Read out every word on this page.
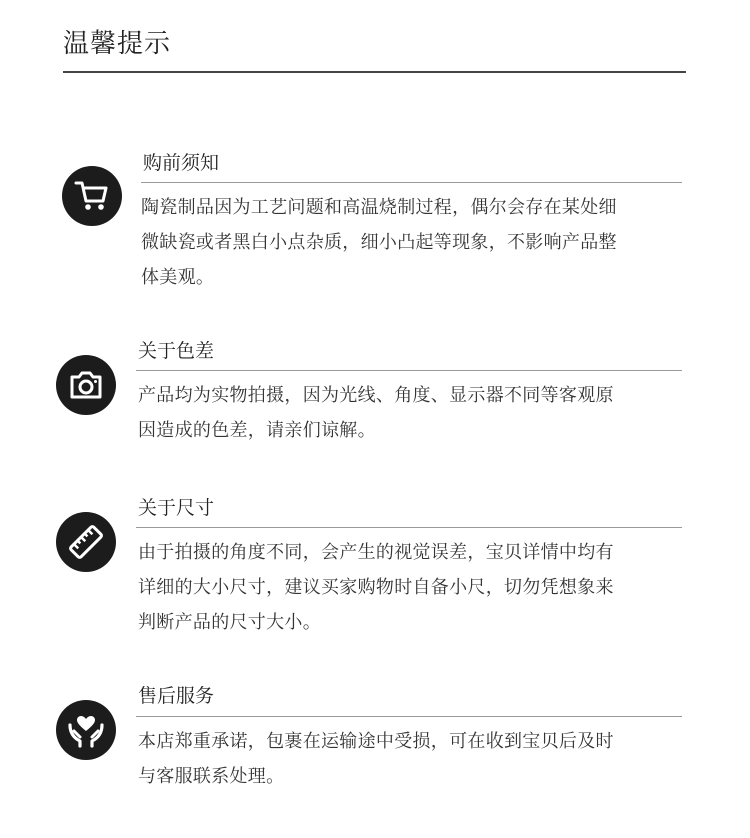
温馨提示
购前须知
陶瓷制品因为工艺问题和高温烧制过程，偶尔会存在某处细
微缺瓷或者黑白小点杂质，细小凸起等现象，不影响产品整
体美观。
关于色差
产品均为实物拍摄，因为光线、角度、显示器不同等客观原
因造成的色差，请亲们谅解。
关于尺寸
由于拍摄的角度不同，会产生的视觉误差，宝贝详情中均有
详细的大小尺寸，建议买家购物时自备小尺，切勿凭想象来
判断产品的尺寸大小。
售后服务
本店郑重承诺，包裹在运输途中受损，可在收到宝贝后及时
与客服联系处理。
